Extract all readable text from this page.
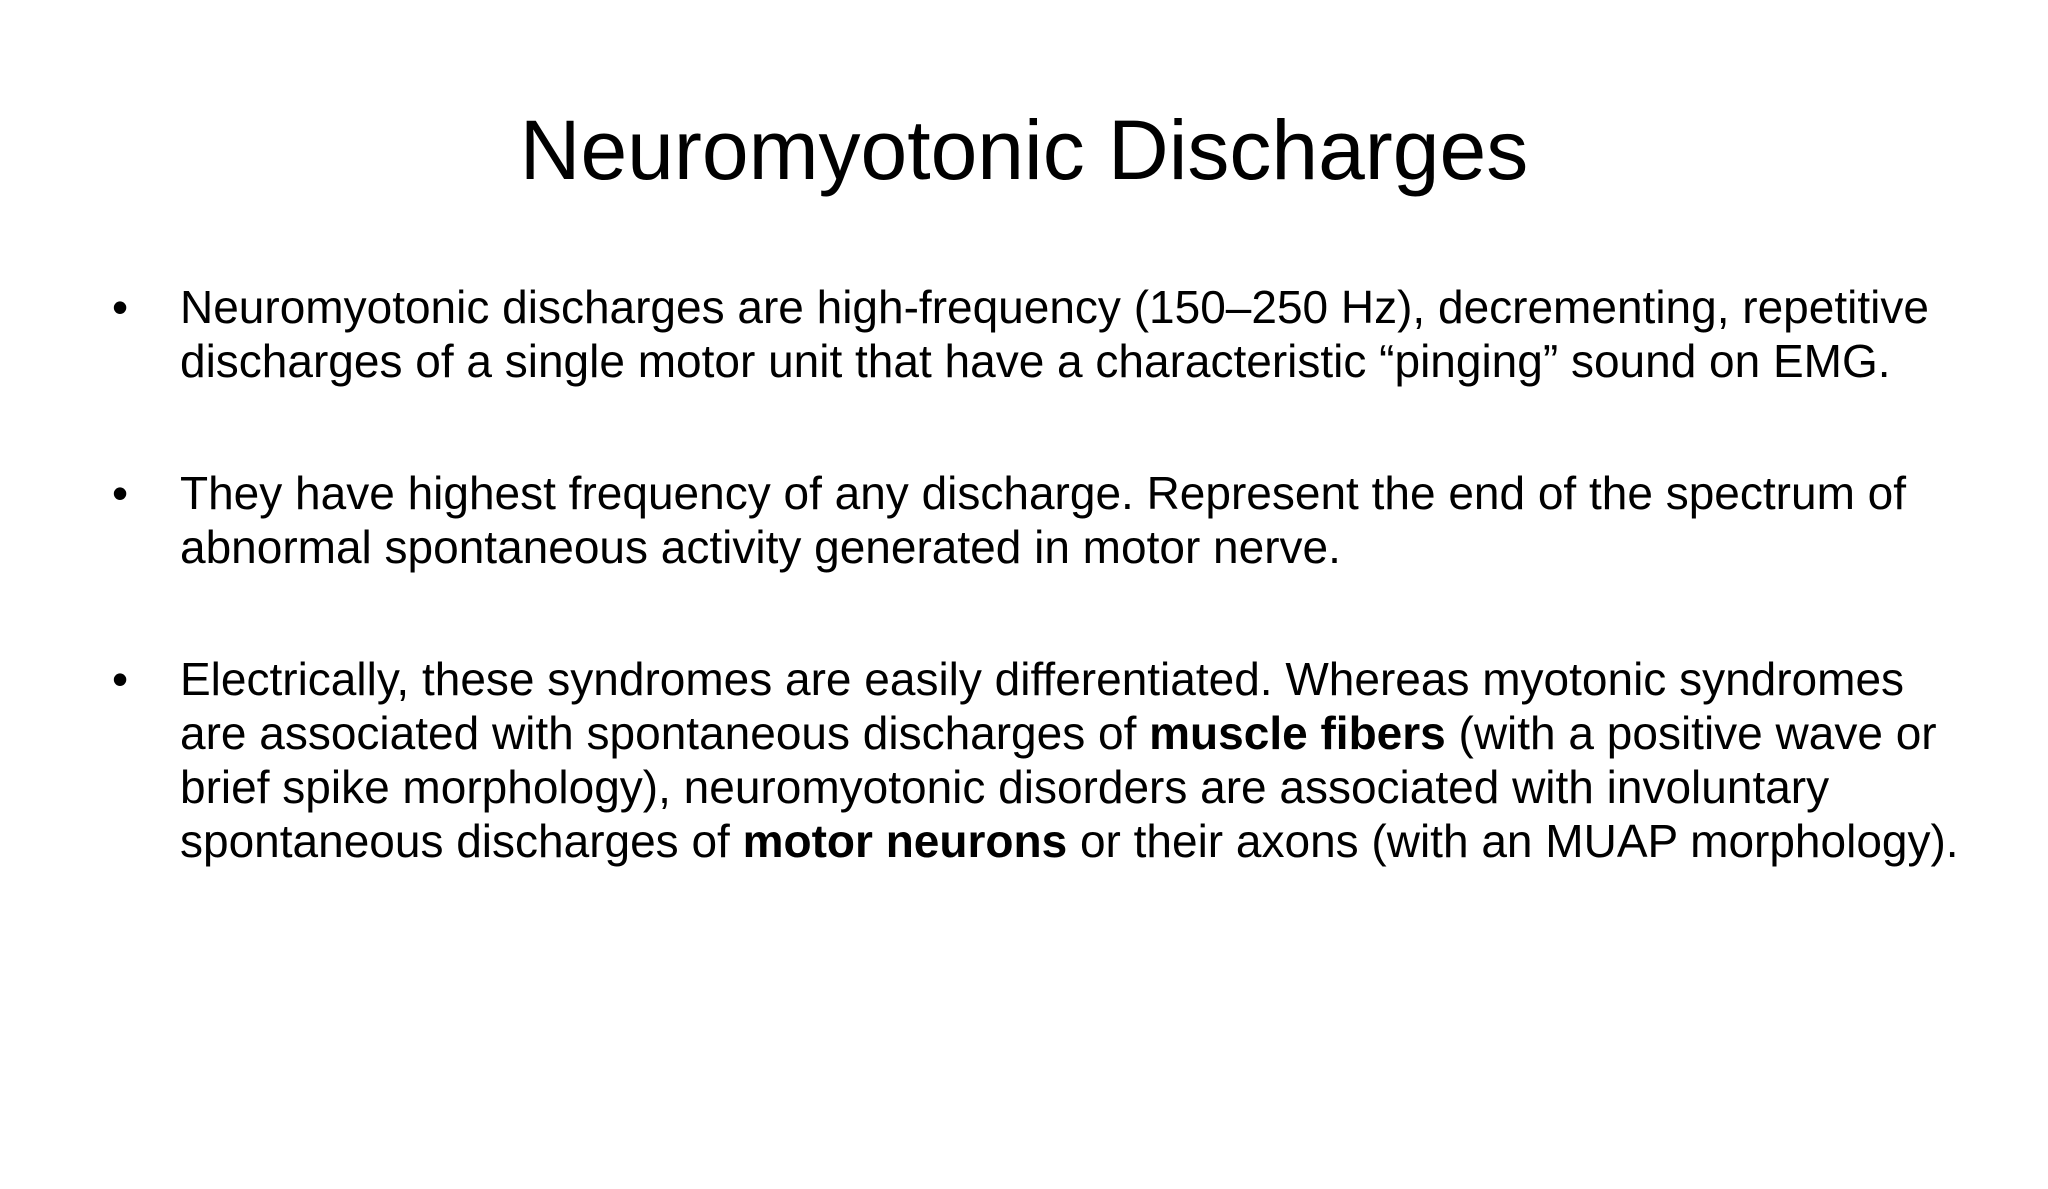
Neuromyotonic Discharges
•	Neuromyotonic discharges are high-frequency (150–250 Hz), decrementing, repetitive discharges of a single motor unit that have a characteristic “pinging” sound on EMG.
•	They have highest frequency of any discharge. Represent the end of the spectrum of abnormal spontaneous activity generated in motor nerve.
•	Electrically, these syndromes are easily differentiated. Whereas myotonic syndromes are associated with spontaneous discharges of muscle fibers (with a positive wave or brief spike morphology), neuromyotonic disorders are associated with involuntary spontaneous discharges of motor neurons or their axons (with an MUAP morphology).
